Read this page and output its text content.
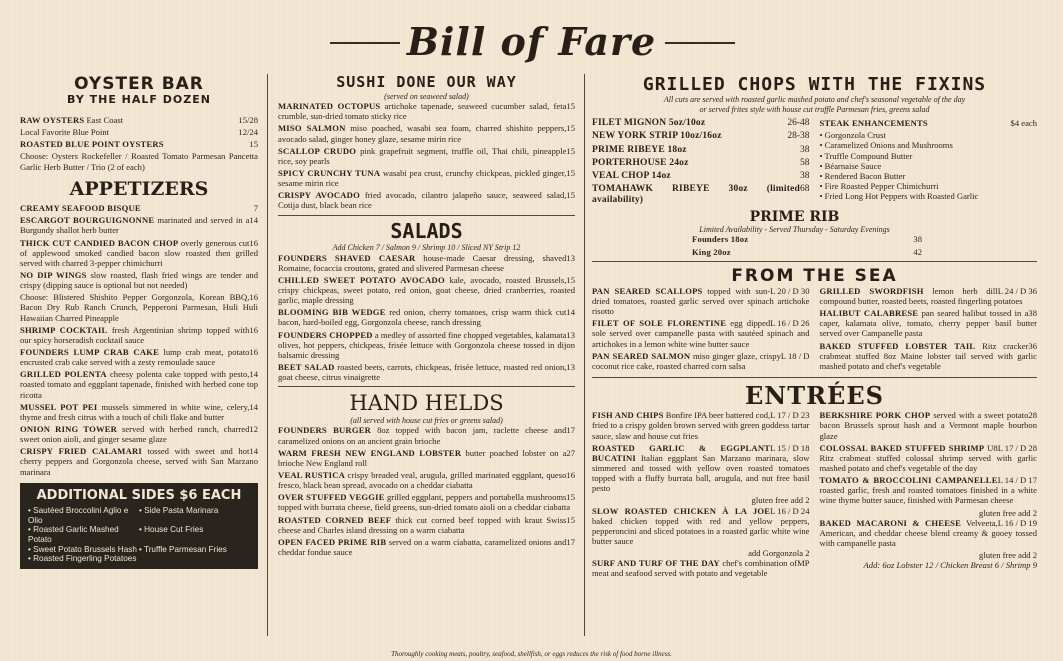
Bill of Fare
OYSTER BAR
BY THE HALF DOZEN
15/28
RAW OYSTERS East Coast
12/24
Local Favorite Blue Point
15
ROASTED BLUE POINT OYSTERS
Choose: Oysters Rockefeller / Roasted Tomato Parmesan Pancetta Garlic Herb Butter / Trio (2 of each)
APPETIZERS
7
CREAMY SEAFOOD BISQUE
14
ESCARGOT BOURGUIGNONNE marinated and served in a Burgundy shallot herb butter
16
THICK CUT CANDIED BACON CHOP overly generous cut of applewood smoked candied bacon slow roasted then grilled served with charred 3-pepper chimichurri
NO DIP WINGS slow roasted, flash fried wings are tender and crispy (dipping sauce is optional but not needed)
16
Choose: Blistered Shishito Pepper Gorgonzola, Korean BBQ, Bacon Dry Rub Ranch Crunch, Pepperoni Parmesan, Huli Huli Hawaiian Charred Pineapple
16
SHRIMP COCKTAIL fresh Argentinian shrimp topped with our spicy horseradish cocktail sauce
16
FOUNDERS LUMP CRAB CAKE lump crab meat, potato encrusted crab cake served with a zesty remoulade sauce
14
GRILLED POLENTA cheesy polenta cake topped with pesto, roasted tomato and eggplant tapenade, finished with herbed cone top ricotta
14
MUSSEL POT PEI mussels simmered in white wine, celery, thyme and fresh citrus with a touch of chili flake and butter
12
ONION RING TOWER served with herbed ranch, charred sweet onion aioli, and ginger sesame glaze
14
CRISPY FRIED CALAMARI tossed with sweet and hot cherry peppers and Gorgonzola cheese, served with San Marzano marinara
ADDITIONAL SIDES $6 EACH
• Sautéed Broccolini Aglio e Olio
• Side Pasta Marinara
• Roasted Garlic Mashed Potato
• House Cut Fries
• Sweet Potato Brussels Hash • Truffle Parmesan Fries
• Roasted Fingerling Potatoes
SUSHI DONE OUR WAY
(served on seaweed salad)
15
MARINATED OCTOPUS artichoke tapenade, seaweed cucumber salad, feta crumble, sun-dried tomato sticky rice
15
MISO SALMON miso poached, wasabi sea foam, charred shishito peppers, avocado salad, ginger honey glaze, sesame mirin rice
15
SCALLOP CRUDO pink grapefruit segment, truffle oil, Thai chili, pineapple rice, soy pearls
15
SPICY CRUNCHY TUNA wasabi pea crust, crunchy chickpeas, pickled ginger, sesame mirin rice
15
CRISPY AVOCADO fried avocado, cilantro jalapeño sauce, seaweed salad, Cotija dust, black bean rice
SALADS
Add Chicken 7 / Salmon 9 / Shrimp 10 / Sliced NY Strip 12
13
FOUNDERS SHAVED CAESAR house-made Caesar dressing, shaved Romaine, focaccia croutons, grated and slivered Parmesan cheese
15
CHILLED SWEET POTATO AVOCADO kale, avocado, roasted Brussels, crispy chickpeas, sweet potato, red onion, goat cheese, dried cranberries, roasted garlic, maple dressing
14
BLOOMING BIB WEDGE red onion, cherry tomatoes, crisp warm thick cut bacon, hard-boiled egg, Gorgonzola cheese, ranch dressing
13
FOUNDERS CHOPPED a medley of assorted fine chopped vegetables, kalamata olives, hot peppers, chickpeas, frisée lettuce with Gorgonzola cheese tossed in dijon balsamic dressing
13
BEET SALAD roasted beets, carrots, chickpeas, frisée lettuce, roasted red onion, goat cheese, citrus vinaigrette
HAND HELDS
(all served with house cut fries or greens salad)
17
FOUNDERS BURGER 8oz topped with bacon jam, raclette cheese and caramelized onions on an ancient grain brioche
27
WARM FRESH NEW ENGLAND LOBSTER butter poached lobster on a brioche New England roll
16
VEAL RUSTICA crispy breaded veal, arugula, grilled marinated eggplant, queso fresco, black bean spread, avocado on a cheddar ciabatta
15
OVER STUFFED VEGGIE grilled eggplant, peppers and portabella mushrooms topped with burrata cheese, field greens, sun-dried tomato aioli on a cheddar ciabatta
15
ROASTED CORNED BEEF thick cut corned beef topped with kraut Swiss cheese and Charles island dressing on a warm ciabatta
17
OPEN FACED PRIME RIB served on a warm ciabatta, caramelized onions and cheddar fondue sauce
GRILLED CHOPS WITH THE FIXINS
All cuts are served with roasted garlic mashed potato and chef's seasonal vegetable of the day
or served frites style with house cut truffle Parmesan fries, greens salad
26-48
FILET MIGNON 5oz/10oz
28-38
NEW YORK STRIP 10oz/16oz
38
PRIME RIBEYE 18oz
58
PORTERHOUSE 24oz
38
VEAL CHOP 14oz
68
TOMAHAWK RIBEYE 30oz (limited availability)
STEAK ENHANCEMENTS	$4 each
• Gorgonzola Crust
• Caramelized Onions and Mushrooms
• Truffle Compound Butter
• Béarnaise Sauce
• Rendered Bacon Butter
• Fire Roasted Pepper Chimichurri
• Fried Long Hot Peppers with Roasted Garlic
PRIME RIB
Limited Availability - Served Thursday - Saturday Evenings
38
Founders 18oz
42
King 20oz
FROM THE SEA
L 20 / D 30
PAN SEARED SCALLOPS topped with sun-dried tomatoes, roasted garlic served over spinach artichoke risotto
L 16 / D 26
FILET OF SOLE FLORENTINE egg dipped sole served over campanelle pasta with sautéed spinach and artichokes in a lemon white wine butter sauce
L 18 / D
PAN SEARED SALMON miso ginger glaze, crispy coconut rice cake, roasted charred corn salsa
L 24 / D 36
GRILLED SWORDFISH lemon herb dill compound butter, roasted beets, roasted fingerling potatoes
38
HALIBUT CALABRESE pan seared halibut tossed in a caper, kalamata olive, tomato, cherry pepper basil butter served over Campanelle pasta
36
BAKED STUFFED LOBSTER TAIL Ritz cracker crabmeat stuffed 8oz Maine lobster tail served with garlic mashed potato and chef's vegetable
ENTRÉES
L 17 / D 23
FISH AND CHIPS Bonfire IPA beer battered cod, fried to a crispy golden brown served with green goddess tartar sauce, slaw and house cut fries
L 15 / D 18
ROASTED GARLIC & EGGPLANT BUCATINI Italian eggplant San Marzano marinara, slow simmered and tossed with yellow oven roasted tomatoes topped with a fluffy burrata ball, arugula, and nut free basil pesto
gluten free add 2
L 16 / D 24
SLOW ROASTED CHICKEN À LA JOE baked chicken topped with red and yellow peppers, pepperoncini and sliced potatoes in a roasted garlic white wine butter sauce
add Gorgonzola 2
MP
SURF AND TURF OF THE DAY chef's combination of meat and seafood served with potato and vegetable
28
BERKSHIRE PORK CHOP served with a sweet potato bacon Brussels sprout hash and a Vermont maple bourbon glaze
L 17 / D 28
COLOSSAL BAKED STUFFED SHRIMP U8 Ritz crabmeat stuffed colossal shrimp served with garlic mashed potato and chef's vegetable of the day
L 14 / D 17
TOMATO & BROCCOLINI CAMPANELLE roasted garlic, fresh and roasted tomatoes finished in a white wine thyme butter sauce, finished with Parmesan cheese
gluten free add 2
L 16 / D 19
BAKED MACARONI & CHEESE Velveeta, American, and cheddar cheese blend creamy & gooey tossed with campanelle pasta
gluten free add 2
Add: 6oz Lobster 12 / Chicken Breast 6 / Shrimp 9
Thoroughly cooking meats, poultry, seafood, shellfish, or eggs reduces the risk of food borne illness.
